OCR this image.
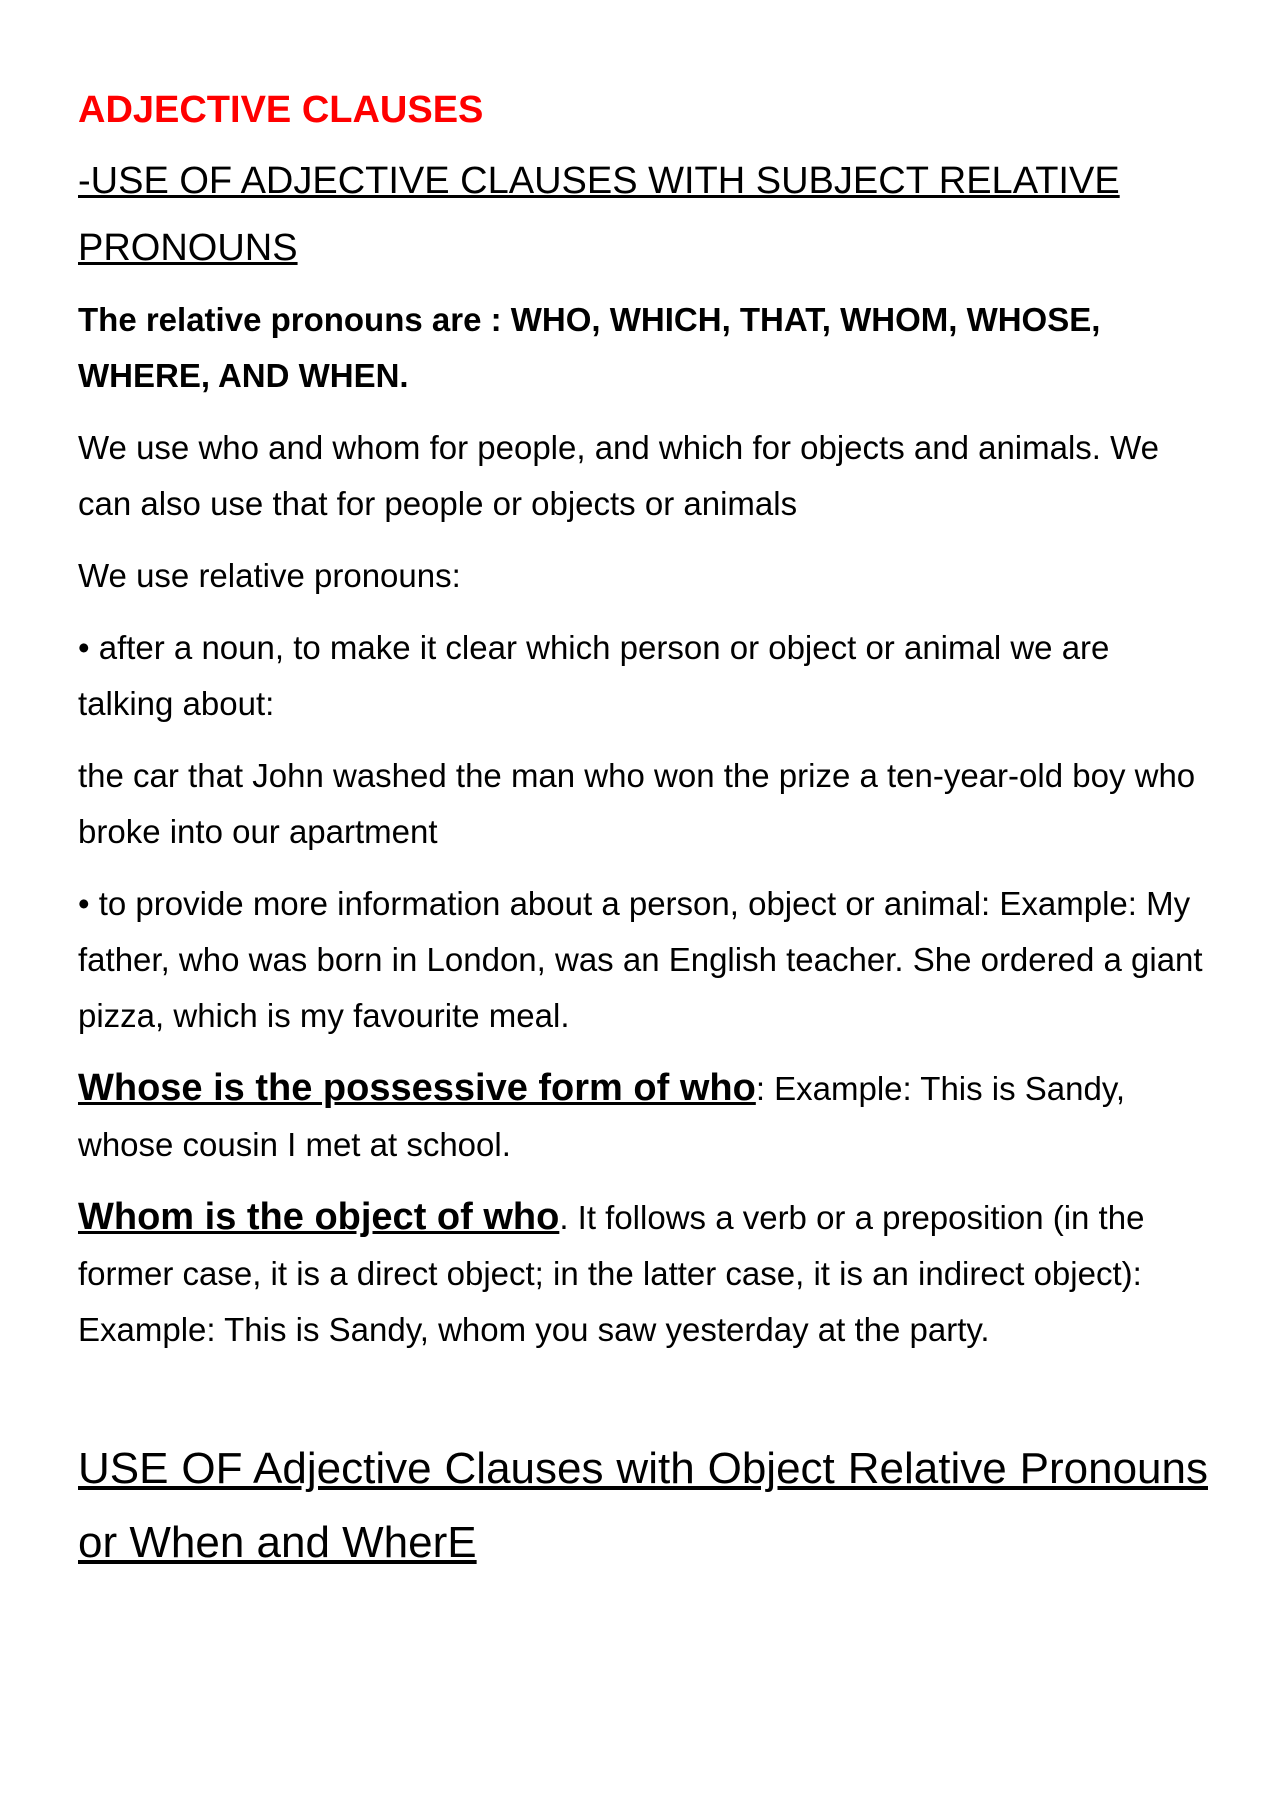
ADJECTIVE CLAUSES
-USE OF ADJECTIVE CLAUSES WITH SUBJECT RELATIVE PRONOUNS
The relative pronouns are : WHO, WHICH, THAT, WHOM, WHOSE, WHERE, AND WHEN.
We use who and whom for people, and which for objects and animals. We can also use that for people or objects or animals
We use relative pronouns:
• after a noun, to make it clear which person or object or animal we are talking about:
the car that John washed the man who won the prize a ten-year-old boy who broke into our apartment
• to provide more information about a person, object or animal: Example: My father, who was born in London, was an English teacher. She ordered a giant pizza, which is my favourite meal.
Whose is the possessive form of who: Example: This is Sandy, whose cousin I met at school.
Whom is the object of who. It follows a verb or a preposition (in the former case, it is a direct object; in the latter case, it is an indirect object): Example: This is Sandy, whom you saw yesterday at the party.
USE OF Adjective Clauses with Object Relative Pronouns or When and WherE
